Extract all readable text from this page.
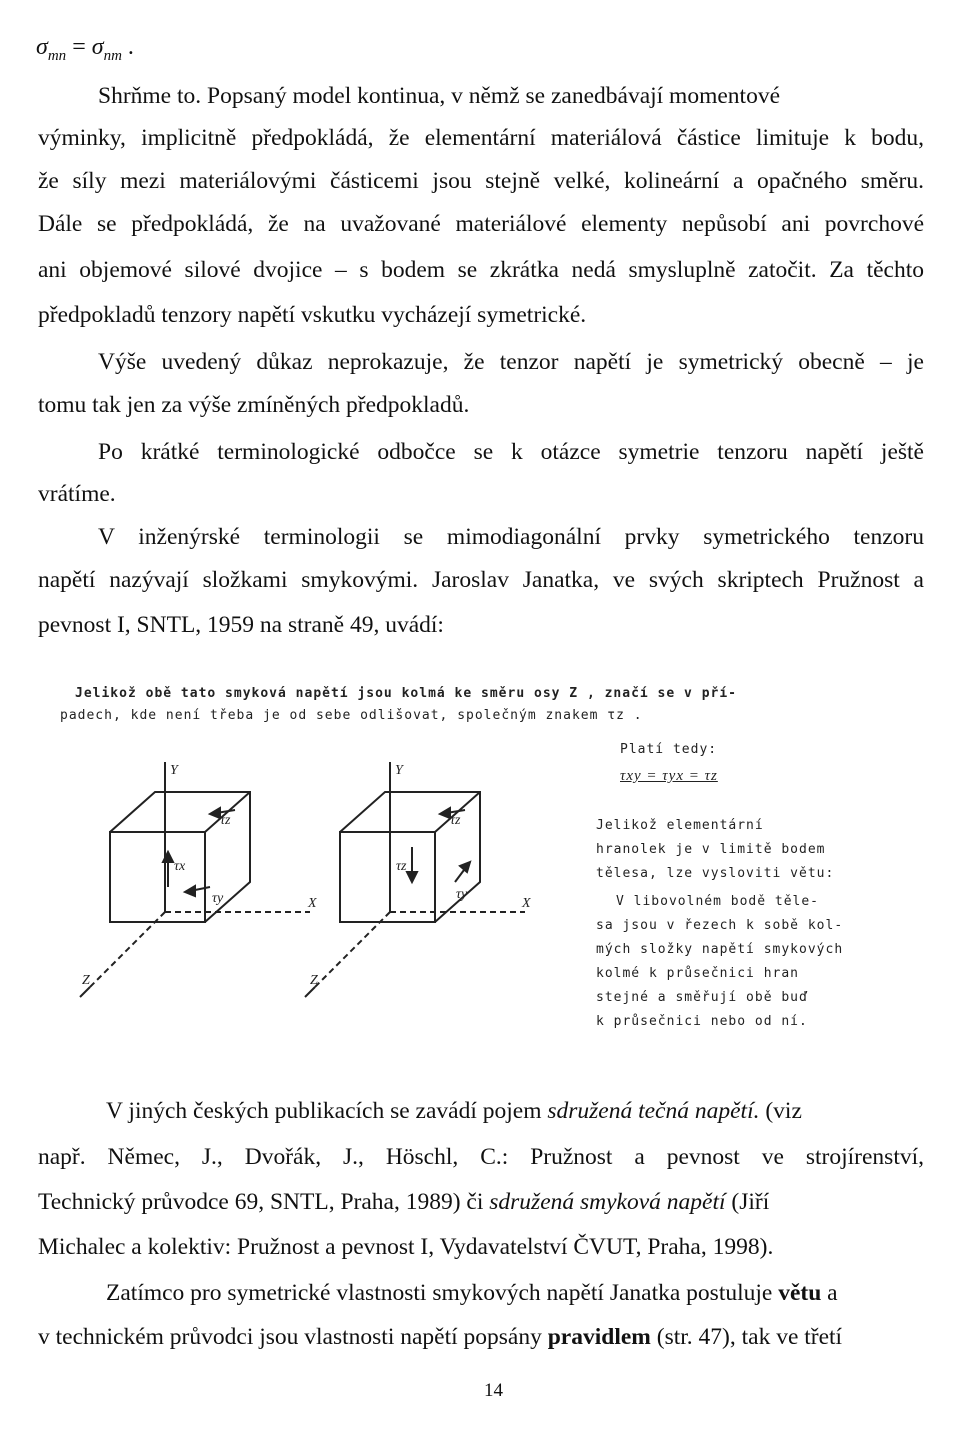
$\sigma_{mn} = \sigma_{nm}$ .
Shrňme to. Popsaný model kontinua, v němž se zanedbávají momentové
výminky, implicitně předpokládá, že elementární materiálová částice limituje k bodu,
že síly mezi materiálovými částicemi jsou stejně velké, kolineární a opačného směru.
Dále se předpokládá, že na uvažované materiálové elementy nepůsobí ani povrchové
ani objemové silové dvojice – s bodem se zkrátka nedá smysluplně zatočit. Za těchto
předpokladů tenzory napětí vskutku vycházejí symetrické.
Výše uvedený důkaz neprokazuje, že tenzor napětí je symetrický obecně – je
tomu tak jen za výše zmíněných předpokladů.
Po krátké terminologické odbočce se k otázce symetrie tenzoru napětí ještě
vrátíme.
V inženýrské terminologii se mimodiagonální prvky symetrického tenzoru
napětí nazývají složkami smykovými. Jaroslav Janatka, ve svých skriptech Pružnost a
pevnost I, SNTL, 1959 na straně 49, uvádí:
Jelikož obě tato smyková napětí jsou kolmá ke směru osy Z , značí se v pří-
padech, kde není třeba je od sebe odlišovat, společným znakem τz .
Platí tedy:
τxy = τyx = τz
Jelikož elementární
hranolek je v limitě bodem
tělesa, lze vysloviti větu:
V libovolném bodě těle-
sa jsou v řezech k sobě kol-
mých složky napětí smykových
kolmé k průsečnici hran
stejné a směřují obě buď
k průsečnici nebo od ní.
Y
X
Z
τz
τx
τy
Y
X
Z
τz
τz
τy
V jiných českých publikacích se zavádí pojem sdružená tečná napětí. (viz
např. Němec, J., Dvořák, J., Höschl, C.: Pružnost a pevnost ve strojírenství,
Technický průvodce 69, SNTL, Praha, 1989) či sdružená smyková napětí (Jiří
Michalec a kolektiv: Pružnost a pevnost I, Vydavatelství ČVUT, Praha, 1998).
Zatímco pro symetrické vlastnosti smykových napětí Janatka postuluje větu a
v technickém průvodci jsou vlastnosti napětí popsány pravidlem (str. 47), tak ve třetí
14
